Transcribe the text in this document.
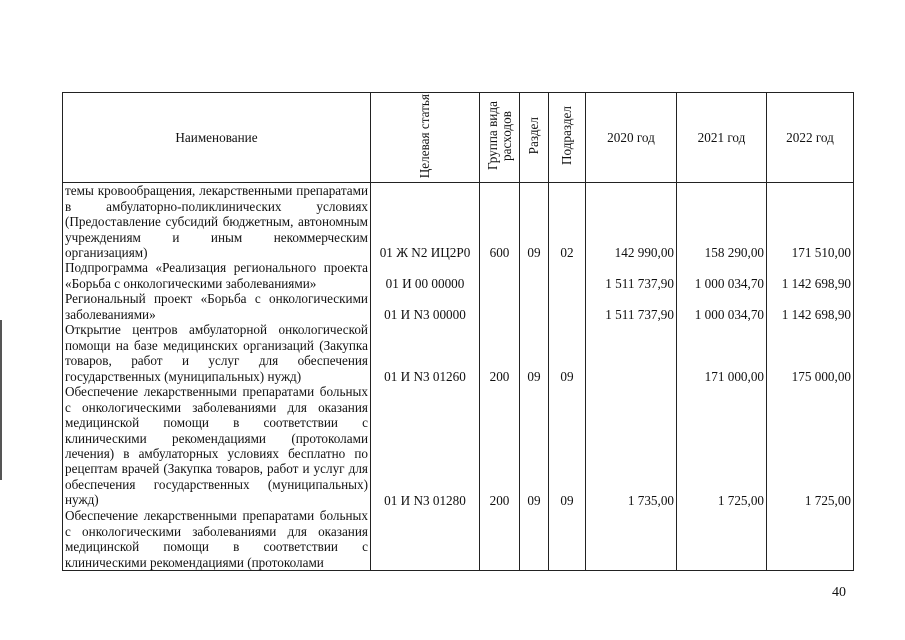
Наименование	Целевая статья	Группа вида расходов	Раздел	Подраздел	2020 год	2021 год	2022 год
темы кровообращения, лекарственными препаратами в амбулаторно-поликлинических условиях (Предоставление субсидий бюджетным, автономным учреждениям и иным некоммерческим организациям)	01 Ж N2 ИЦ2Р0	600	09	02	142 990,00	158 290,00	171 510,00
Подпрограмма «Реализация регионального проекта «Борьба с онкологическими заболеваниями»	01 И 00 00000				1 511 737,90	1 000 034,70	1 142 698,90
Региональный проект «Борьба с онкологическими заболеваниями»	01 И N3 00000				1 511 737,90	1 000 034,70	1 142 698,90
Открытие центров амбулаторной онкологической помощи на базе медицинских организаций (Закупка товаров, работ и услуг для обеспечения государственных (муниципальных) нужд)	01 И N3 01260	200	09	09		171 000,00	175 000,00
Обеспечение лекарственными препаратами больных с онкологическими заболеваниями для оказания медицинской помощи в соответствии с клиническими рекомендациями (протоколами лечения) в амбулаторных условиях бесплатно по рецептам врачей (Закупка товаров, работ и услуг для обеспечения государственных (муниципальных) нужд)	01 И N3 01280	200	09	09	1 735,00	1 725,00	1 725,00
Обеспечение лекарственными препаратами больных с онкологическими заболеваниями для оказания медицинской помощи в соответствии с клиническими рекомендациями (протоколами							
40
